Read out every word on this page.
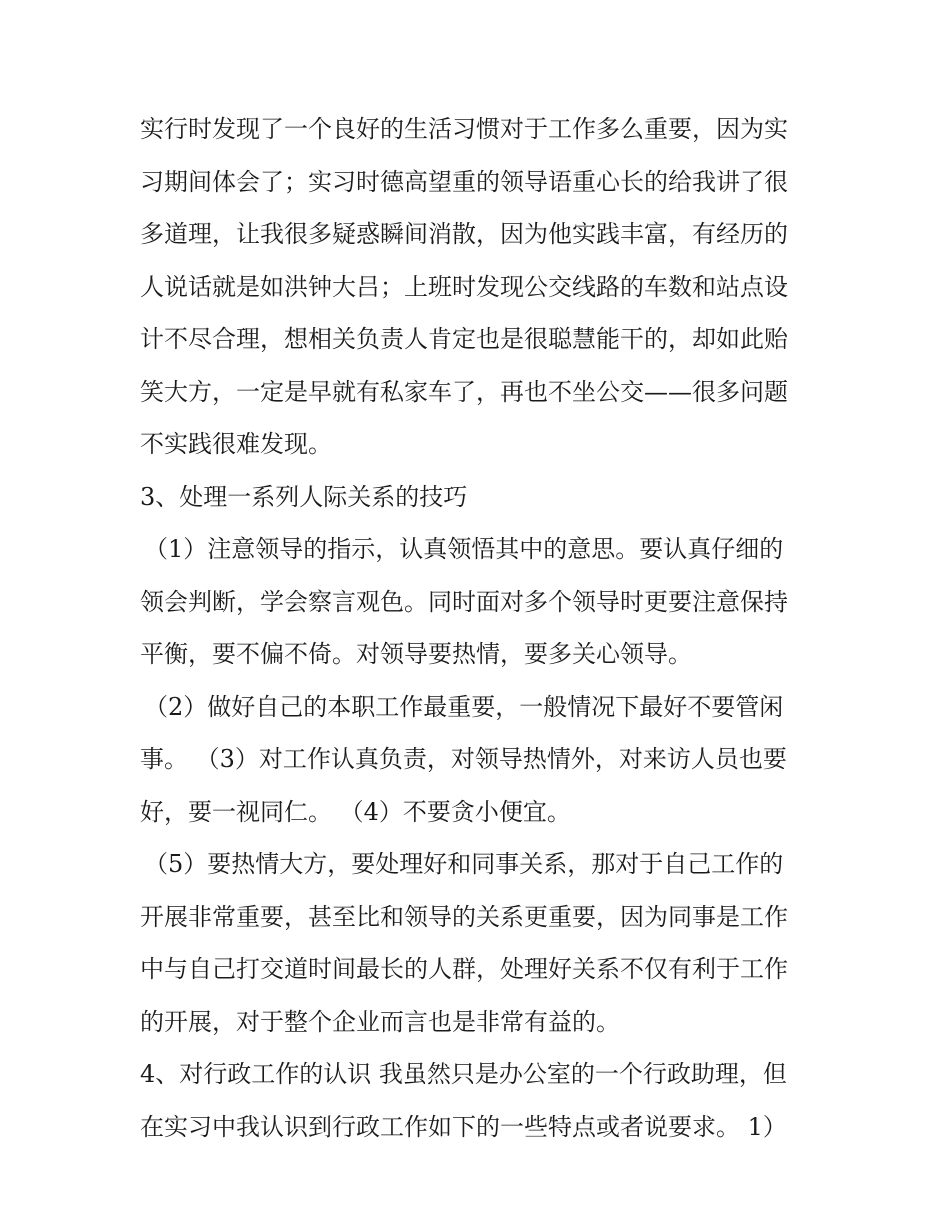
实行时发现了一个良好的生活习惯对于工作多么重要，因为实
习期间体会了；实习时德高望重的领导语重心长的给我讲了很
多道理，让我很多疑惑瞬间消散，因为他实践丰富，有经历的
人说话就是如洪钟大吕；上班时发现公交线路的车数和站点设
计不尽合理，想相关负责人肯定也是很聪慧能干的，却如此贻
笑大方，一定是早就有私家车了，再也不坐公交——很多问题
不实践很难发现。
3、处理一系列人际关系的技巧
（1）注意领导的指示，认真领悟其中的意思。要认真仔细的
领会判断，学会察言观色。同时面对多个领导时更要注意保持
平衡，要不偏不倚。对领导要热情，要多关心领导。
（2）做好自己的本职工作最重要，一般情况下最好不要管闲
事。 （3）对工作认真负责，对领导热情外，对来访人员也要
好，要一视同仁。 （4）不要贪小便宜。
（5）要热情大方，要处理好和同事关系，那对于自己工作的
开展非常重要，甚至比和领导的关系更重要，因为同事是工作
中与自己打交道时间最长的人群，处理好关系不仅有利于工作
的开展，对于整个企业而言也是非常有益的。
4、对行政工作的认识 我虽然只是办公室的一个行政助理，但
在实习中我认识到行政工作如下的一些特点或者说要求。 1）
